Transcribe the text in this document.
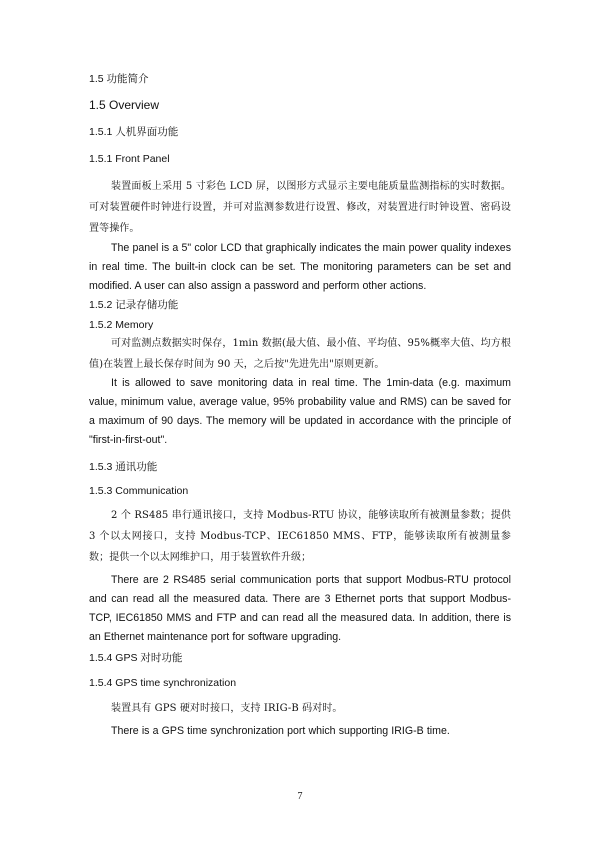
1.5 功能简介
1.5 Overview
1.5.1 人机界面功能
1.5.1 Front Panel

装置面板上采用 5 寸彩色 LCD 屏，以图形方式显示主要电能质量监测指标的实时数据。可对装置硬件时钟进行设置，并可对监测参数进行设置、修改，对装置进行时钟设置、密码设置等操作。

The panel is a 5" color LCD that graphically indicates the main power quality indexes in real time. The built-in clock can be set. The monitoring parameters can be set and modified. A user can also assign a password and perform other actions.

1.5.2 记录存储功能
1.5.2 Memory

可对监测点数据实时保存，1min 数据(最大值、最小值、平均值、95%概率大值、均方根值)在装置上最长保存时间为 90 天，之后按"先进先出"原则更新。

It is allowed to save monitoring data in real time. The 1min-data (e.g. maximum value, minimum value, average value, 95% probability value and RMS) can be saved for a maximum of 90 days. The memory will be updated in accordance with the principle of "first-in-first-out".

1.5.3 通讯功能
1.5.3 Communication

2 个 RS485 串行通讯接口，支持 Modbus-RTU 协议，能够读取所有被测量参数；提供 3 个以太网接口，支持 Modbus-TCP、IEC61850 MMS、FTP，能够读取所有被测量参数；提供一个以太网维护口，用于装置软件升级；

There are 2 RS485 serial communication ports that support Modbus-RTU protocol and can read all the measured data. There are 3 Ethernet ports that support Modbus-TCP, IEC61850 MMS and FTP and can read all the measured data. In addition, there is an Ethernet maintenance port for software upgrading.

1.5.4 GPS 对时功能
1.5.4 GPS time synchronization

装置具有 GPS 硬对时接口，支持 IRIG-B 码对时。

There is a GPS time synchronization port which supporting IRIG-B time.

7
